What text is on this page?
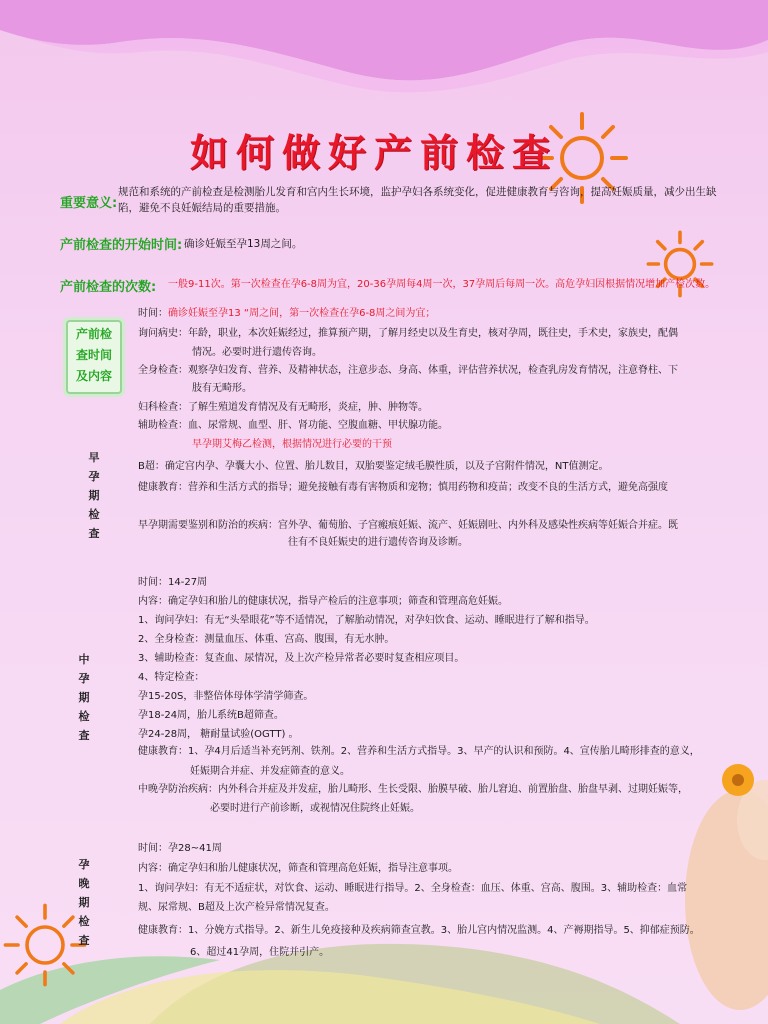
如何做好产前检查
重要意义:
规范和系统的产前检查是检测胎儿发育和宫内生长环境，监护孕妇各系统变化，促进健康教育与咨询，提高妊娠质量，减少出生缺陷，避免不良妊娠结局的重要措施。
产前检查的开始时间: 确诊妊娠至孕13周之间。
产前检查的次数: 一般9-11次。第一次检查在孕6-8周为宜，20-36孕周每4周一次，37孕周后每周一次。高危孕妇因根据情况增加产检次数。
产前检
查时间
及内容
早
孕
期
检
查
时间：确诊妊娠至孕13 “周之间，第一次检查在孕6-8周之间为宜；
询问病史：年龄，职业，本次妊娠经过，推算预产期，了解月经史以及生育史，核对孕周，既往史，手术史，家族史，配偶
情况。必要时进行遗传咨询。
全身检查：观察孕妇发育、营养、及精神状态，注意步态、身高、体重，评估营养状况，检查乳房发育情况，注意脊柱、下
肢有无畸形。
妇科检查：了解生殖道发育情况及有无畸形，炎症，肿、肿物等。
辅助检查：血、尿常规、血型、肝、肾功能、空腹血糖、甲状腺功能。
早孕期艾梅乙检测，根据情况进行必要的干预
B超：确定宫内孕、孕囊大小、位置、胎儿数目，双胎要鉴定绒毛膜性质，以及子宫附件情况，NT值测定。
健康教育：营养和生活方式的指导；避免接触有毒有害物质和宠物；慎用药物和疫苗；改变不良的生活方式，避免高强度
早孕期需要鉴别和防治的疾病：宫外孕、葡萄胎、子宫瘢痕妊娠、流产、妊娠剧吐、内外科及感染性疾病等妊娠合并症。既
往有不良妊娠史的进行遗传咨询及诊断。
中
孕
期
检
查
时间：14-27周
内容：确定孕妇和胎儿的健康状况，指导产检后的注意事项；筛查和管理高危妊娠。
1、询问孕妇：有无“头晕眼花”等不适情况，了解胎动情况，对孕妇饮食、运动、睡眠进行了解和指导。
2、全身检查：测量血压、体重、宫高、腹围，有无水肿。
3、辅助检查：复查血、尿情况，及上次产检异常者必要时复查相应项目。
4、特定检查：
孕15-20S，非整倍体母体学清学筛查。
孕18-24周，胎儿系统B超筛查。
孕24-28周， 糖耐量试验(OGTT) 。
健康教育：1、孕4月后适当补充钙剂、铁剂。2、营养和生活方式指导。3、早产的认识和预防。4、宣传胎儿畸形排查的意义，
妊娠期合并症、并发症筛查的意义。
中晚孕防治疾病：内外科合并症及并发症，胎儿畸形、生长受限、胎膜早破、胎儿窘迫、前置胎盘、胎盘早剥、过期妊娠等，
必要时进行产前诊断，或视情况住院终止妊娠。
孕
晚
期
检
查
时间：孕28~41周
内容：确定孕妇和胎儿健康状况，筛查和管理高危妊娠，指导注意事项。
1、询问孕妇：有无不适症状，对饮食、运动、睡眠进行指导。2、全身检查：血压、体重、宫高、腹围。3、辅助检查：血常
规、尿常规、B超及上次产检异常情况复查。
健康教育：1、分娩方式指导。2、新生儿免疫接种及疾病筛查宣教。3、胎儿宫内情况监测。4、产褥期指导。5、抑郁症预防。
6、超过41孕周，住院并引产。
